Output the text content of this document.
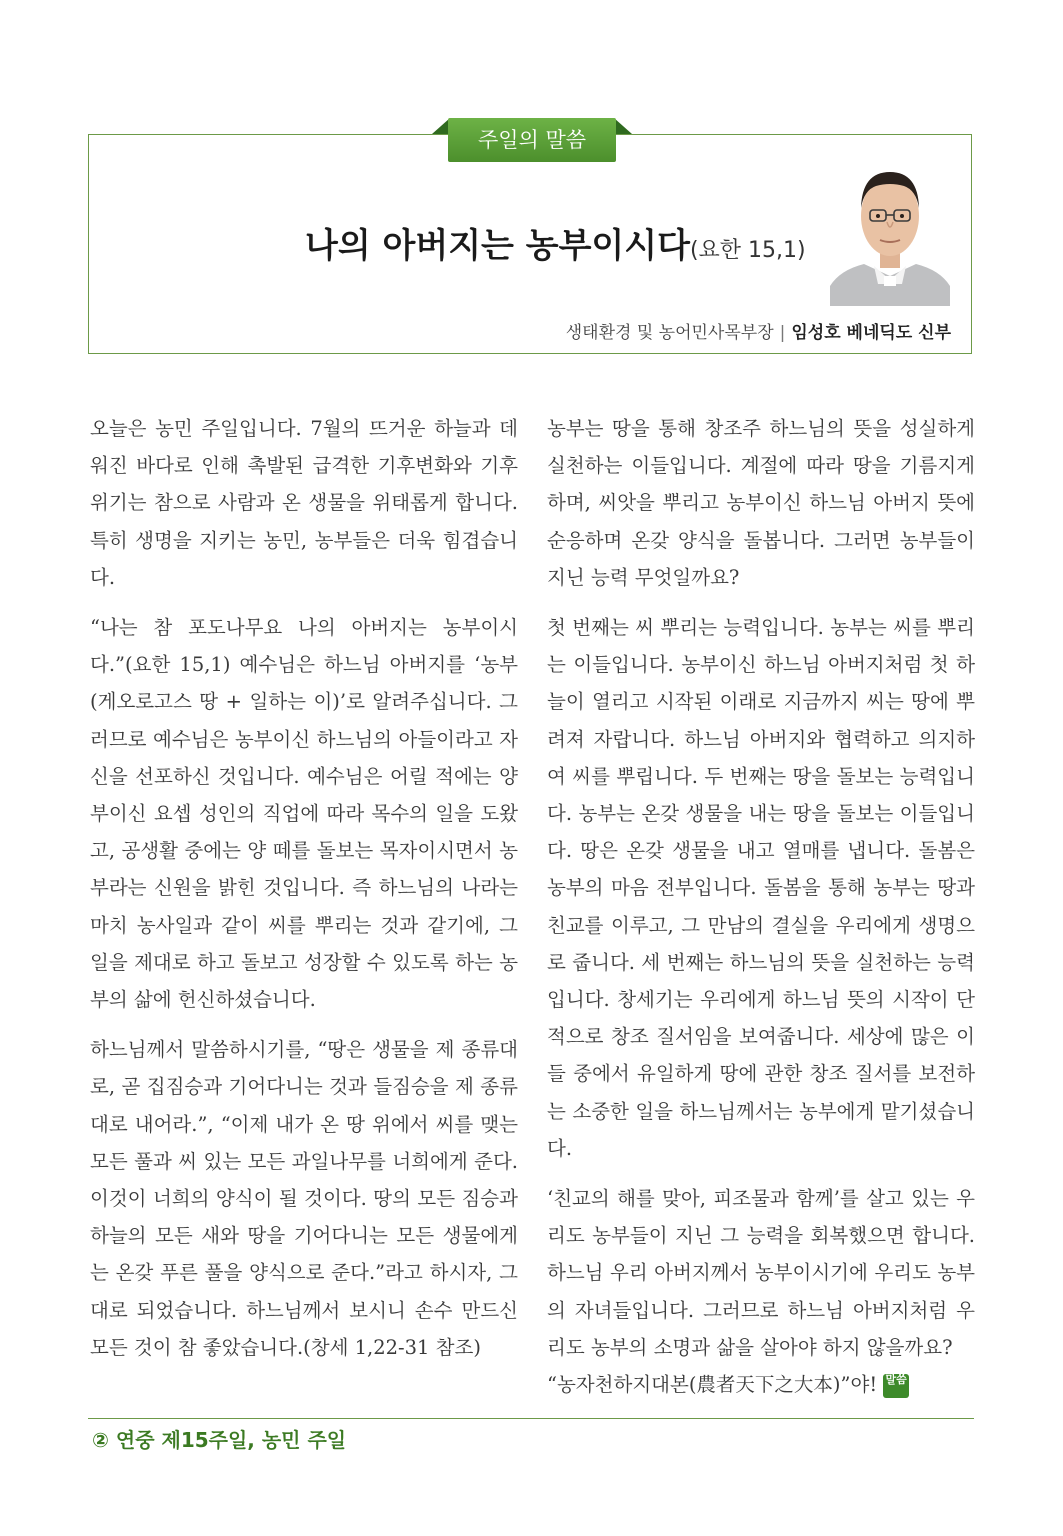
주일의 말씀
나의 아버지는 농부이시다(요한 15,1)
생태환경 및 농어민사목부장 | 임성호 베네딕도 신부

오늘은 농민 주일입니다. 7월의 뜨거운 하늘과 데워진 바다로 인해 촉발된 급격한 기후변화와 기후위기는 참으로 사람과 온 생물을 위태롭게 합니다. 특히 생명을 지키는 농민, 농부들은 더욱 힘겹습니다.

“나는 참 포도나무요 나의 아버지는 농부이시다.”(요한 15,1) 예수님은 하느님 아버지를 ‘농부(게오로고스 땅 + 일하는 이)’로 알려주십니다. 그러므로 예수님은 농부이신 하느님의 아들이라고 자신을 선포하신 것입니다. 예수님은 어릴 적에는 양부이신 요셉 성인의 직업에 따라 목수의 일을 도왔고, 공생활 중에는 양 떼를 돌보는 목자이시면서 농부라는 신원을 밝힌 것입니다. 즉 하느님의 나라는 마치 농사일과 같이 씨를 뿌리는 것과 같기에, 그 일을 제대로 하고 돌보고 성장할 수 있도록 하는 농부의 삶에 헌신하셨습니다.

하느님께서 말씀하시기를, “땅은 생물을 제 종류대로, 곧 집짐승과 기어다니는 것과 들짐승을 제 종류대로 내어라.”, “이제 내가 온 땅 위에서 씨를 맺는 모든 풀과 씨 있는 모든 과일나무를 너희에게 준다. 이것이 너희의 양식이 될 것이다. 땅의 모든 짐승과 하늘의 모든 새와 땅을 기어다니는 모든 생물에게는 온갖 푸른 풀을 양식으로 준다.”라고 하시자, 그대로 되었습니다. 하느님께서 보시니 손수 만드신 모든 것이 참 좋았습니다.(창세 1,22-31 참조)

농부는 땅을 통해 창조주 하느님의 뜻을 성실하게 실천하는 이들입니다. 계절에 따라 땅을 기름지게 하며, 씨앗을 뿌리고 농부이신 하느님 아버지 뜻에 순응하며 온갖 양식을 돌봅니다. 그러면 농부들이 지닌 능력 무엇일까요?

첫 번째는 씨 뿌리는 능력입니다. 농부는 씨를 뿌리는 이들입니다. 농부이신 하느님 아버지처럼 첫 하늘이 열리고 시작된 이래로 지금까지 씨는 땅에 뿌려져 자랍니다. 하느님 아버지와 협력하고 의지하여 씨를 뿌립니다. 두 번째는 땅을 돌보는 능력입니다. 농부는 온갖 생물을 내는 땅을 돌보는 이들입니다. 땅은 온갖 생물을 내고 열매를 냅니다. 돌봄은 농부의 마음 전부입니다. 돌봄을 통해 농부는 땅과 친교를 이루고, 그 만남의 결실을 우리에게 생명으로 줍니다. 세 번째는 하느님의 뜻을 실천하는 능력입니다. 창세기는 우리에게 하느님 뜻의 시작이 단적으로 창조 질서임을 보여줍니다. 세상에 많은 이들 중에서 유일하게 땅에 관한 창조 질서를 보전하는 소중한 일을 하느님께서는 농부에게 맡기셨습니다.

‘친교의 해를 맞아, 피조물과 함께’를 살고 있는 우리도 농부들이 지닌 그 능력을 회복했으면 합니다. 하느님 우리 아버지께서 농부이시기에 우리도 농부의 자녀들입니다. 그러므로 하느님 아버지처럼 우리도 농부의 소명과 삶을 살아야 하지 않을까요?

“농자천하지대본(農者天下之大本)”야! 말씀
② 연중 제15주일, 농민 주일
